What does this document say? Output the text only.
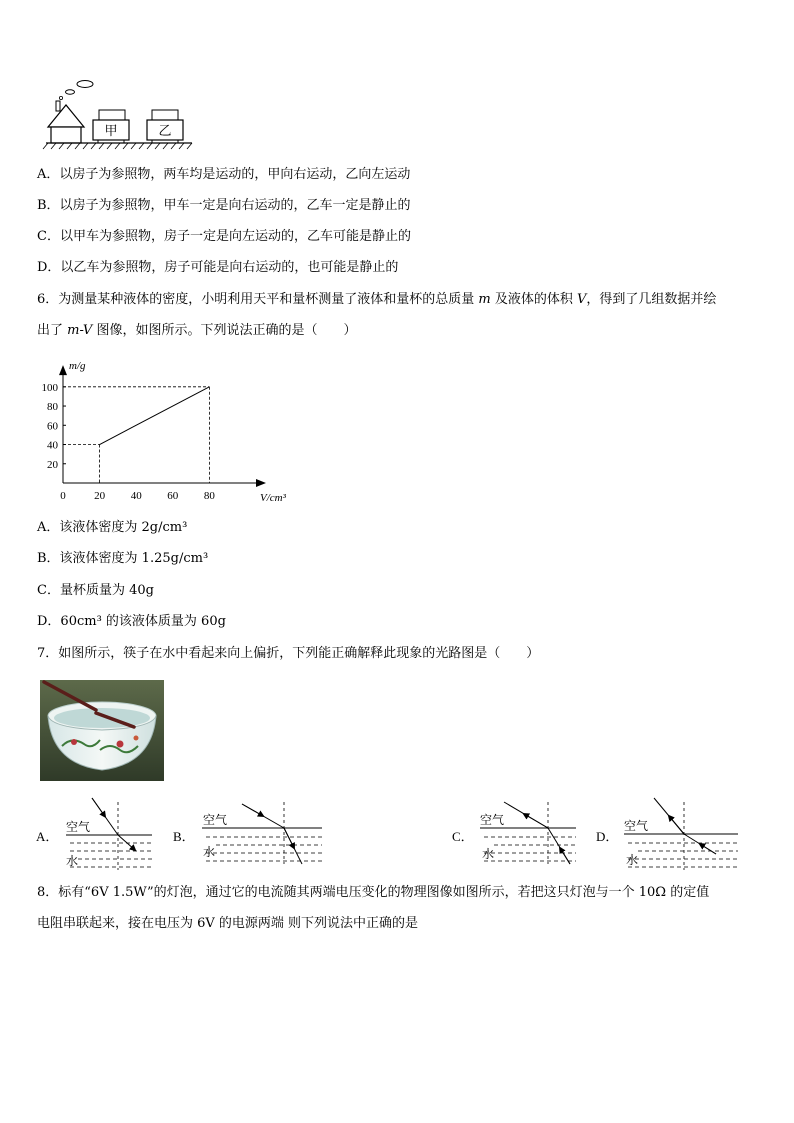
甲	乙
A．以房子为参照物，两车均是运动的，甲向右运动，乙向左运动
B．以房子为参照物，甲车一定是向右运动的，乙车一定是静止的
C．以甲车为参照物，房子一定是向左运动的，乙车可能是静止的
D．以乙车为参照物，房子可能是向右运动的，也可能是静止的
6．为测量某种液体的密度，小明利用天平和量杯测量了液体和量杯的总质量 m 及液体的体积 V，得到了几组数据并绘
出了 m-V 图像，如图所示。下列说法正确的是（　　）
m/g
V/cm³
0	20 40 60 80
20
40
60
80
100
A．该液体密度为 2g/cm³
B．该液体密度为 1.25g/cm³
C．量杯质量为 40g
D．60cm³ 的该液体质量为 60g
7．如图所示，筷子在水中看起来向上偏折，下列能正确解释此现象的光路图是（　　）
A．
空气
水
B．
空气
水
C．
空气
水
D．
空气
水
8．标有“6V 1.5W”的灯泡，通过它的电流随其两端电压变化的物理图像如图所示，若把这只灯泡与一个 10Ω 的定值
电阻串联起来，接在电压为 6V 的电源两端 则下列说法中正确的是
